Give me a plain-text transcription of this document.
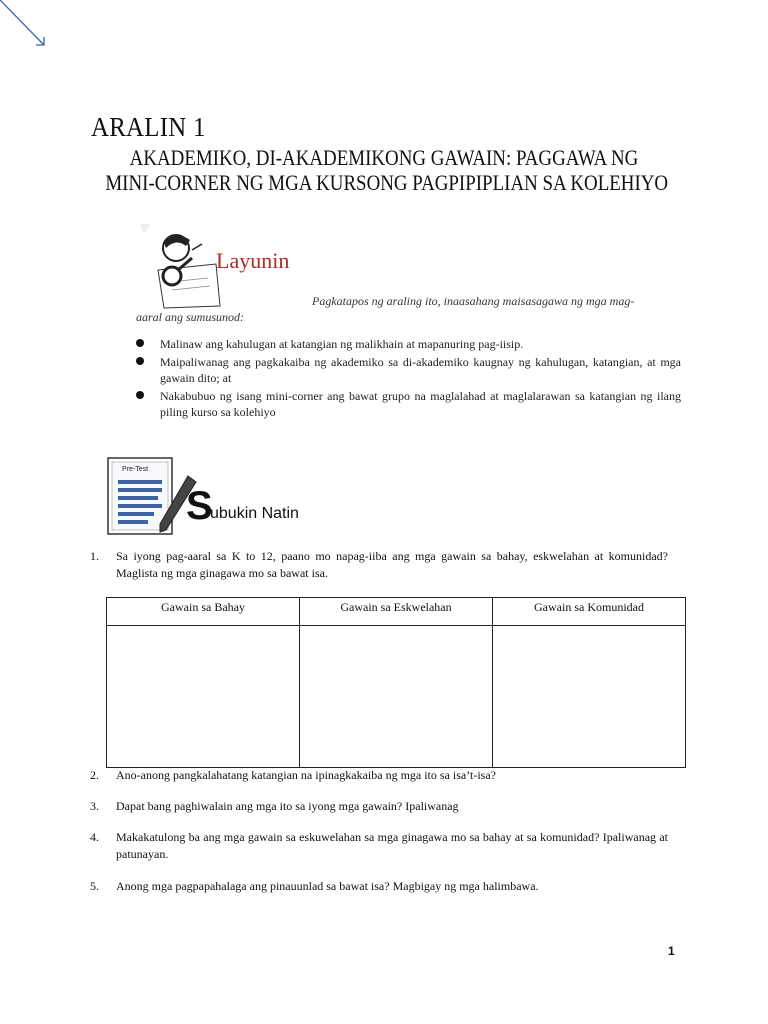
ARALIN 1
AKADEMIKO, DI-AKADEMIKONG GAWAIN: PAGGAWA NG
MINI-CORNER NG MGA KURSONG PAGPIPIPLIAN SA KOLEHIYO
Layunin
Pagkatapos ng araling ito, inaasahang maisasagawa ng mga mag-
aaral ang sumusunod:
Malinaw ang kahulugan at katangian ng malikhain at mapanuring pag-iisip.
Maipaliwanag ang pagkakaiba ng akademiko sa di-akademiko kaugnay ng kahulugan, katangian, at mga gawain dito; at
Nakabubuo ng isang mini-corner ang bawat grupo na maglalahad at maglalarawan sa katangian ng ilang piling kurso sa kolehiyo
Pre-Test
S
ubukin Natin
1. Sa iyong pag-aaral sa K to 12, paano mo napag-iiba ang mga gawain sa bahay, eskwelahan at komunidad? Maglista ng mga ginagawa mo sa bawat isa.
Gawain sa Bahay	Gawain sa Eskwelahan	Gawain sa Komunidad

2. Ano-anong pangkalahatang katangian na ipinagkakaiba ng mga ito sa isa’t-isa?
3. Dapat bang paghiwalain ang mga ito sa iyong mga gawain? Ipaliwanag
4. Makakatulong ba ang mga gawain sa eskuwelahan sa mga ginagawa mo sa bahay at sa komunidad? Ipaliwanag at patunayan.
5. Anong mga pagpapahalaga ang pinauunlad sa bawat isa? Magbigay ng mga halimbawa.
1
